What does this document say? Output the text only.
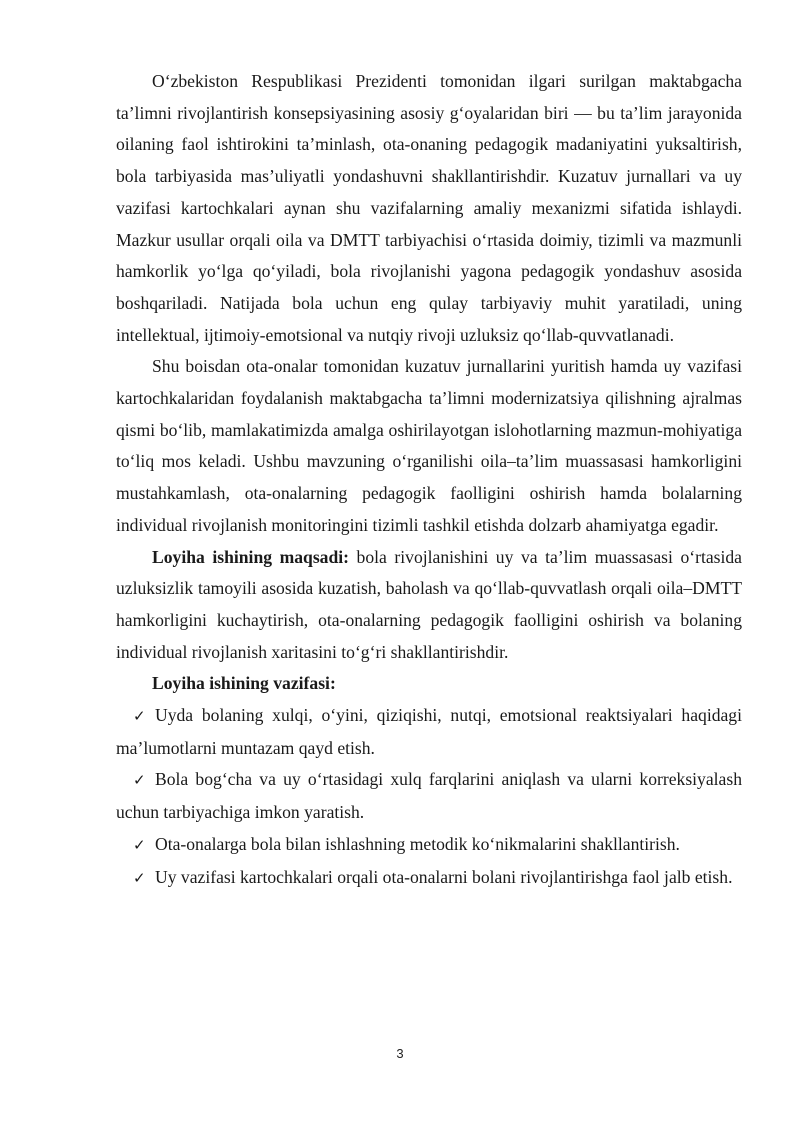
O‘zbekiston Respublikasi Prezidenti tomonidan ilgari surilgan maktabgacha ta’limni rivojlantirish konsepsiyasining asosiy g‘oyalaridan biri — bu ta’lim jarayonida oilaning faol ishtirokini ta’minlash, ota-onaning pedagogik madaniyatini yuksaltirish, bola tarbiyasida mas’uliyatli yondashuvni shakllantirishdir. Kuzatuv jurnallari va uy vazifasi kartochkalari aynan shu vazifalarning amaliy mexanizmi sifatida ishlaydi. Mazkur usullar orqali oila va DMTT tarbiyachisi o‘rtasida doimiy, tizimli va mazmunli hamkorlik yo‘lga qo‘yiladi, bola rivojlanishi yagona pedagogik yondashuv asosida boshqariladi. Natijada bola uchun eng qulay tarbiyaviy muhit yaratiladi, uning intellektual, ijtimoiy-emotsional va nutqiy rivoji uzluksiz qo‘llab-quvvatlanadi.

Shu boisdan ota-onalar tomonidan kuzatuv jurnallarini yuritish hamda uy vazifasi kartochkalaridan foydalanish maktabgacha ta’limni modernizatsiya qilishning ajralmas qismi bo‘lib, mamlakatimizda amalga oshirilayotgan islohotlarning mazmun-mohiyatiga to‘liq mos keladi. Ushbu mavzuning o‘rganilishi oila–ta’lim muassasasi hamkorligini mustahkamlash, ota-onalarning pedagogik faolligini oshirish hamda bolalarning individual rivojlanish monitoringini tizimli tashkil etishda dolzarb ahamiyatga egadir.

Loyiha ishining maqsadi: bola rivojlanishini uy va ta’lim muassasasi o‘rtasida uzluksizlik tamoyili asosida kuzatish, baholash va qo‘llab-quvvatlash orqali oila–DMTT hamkorligini kuchaytirish, ota-onalarning pedagogik faolligini oshirish va bolaning individual rivojlanish xaritasini to‘g‘ri shakllantirishdir.

Loyiha ishining vazifasi:

✓ Uyda bolaning xulqi, o‘yini, qiziqishi, nutqi, emotsional reaktsiyalari haqidagi ma’lumotlarni muntazam qayd etish.

✓ Bola bog‘cha va uy o‘rtasidagi xulq farqlarini aniqlash va ularni korreksiyalash uchun tarbiyachiga imkon yaratish.

✓ Ota-onalarga bola bilan ishlashning metodik ko‘nikmalarini shakllantirish.

✓ Uy vazifasi kartochkalari orqali ota-onalarni bolani rivojlantirishga faol jalb etish.

3
